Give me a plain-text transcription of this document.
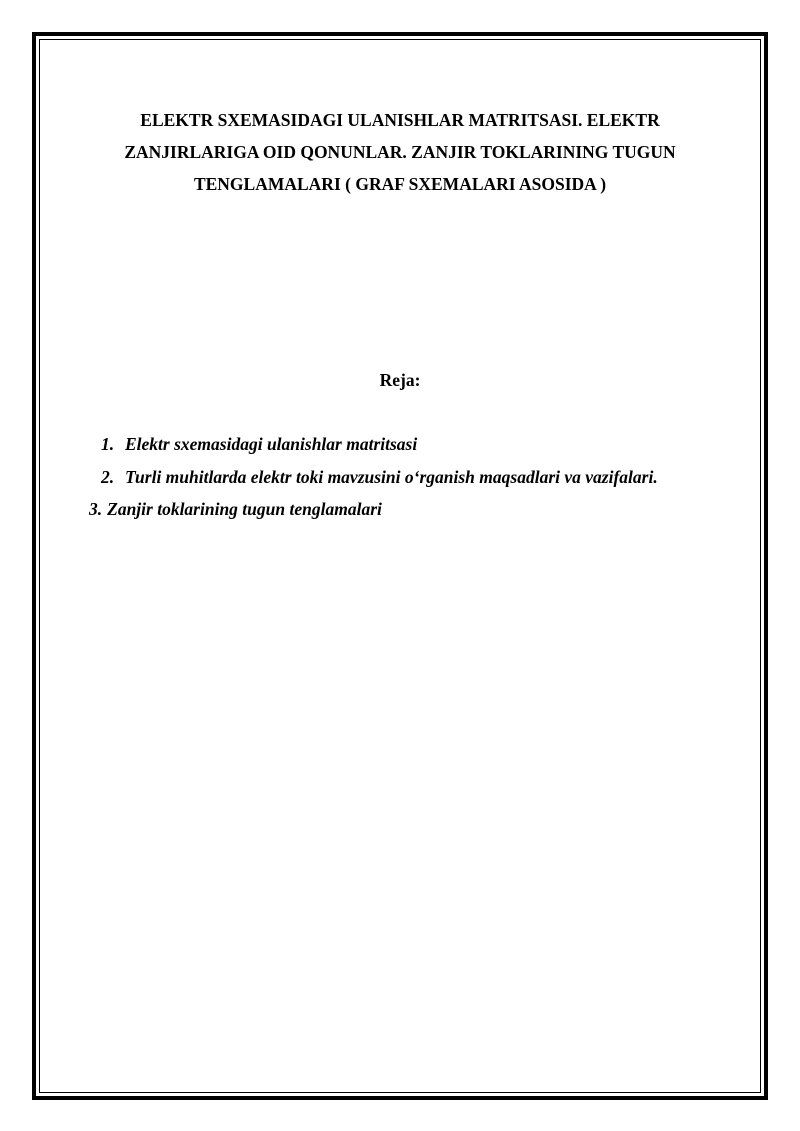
ELEKTR SXEMASIDAGI ULANISHLAR MATRITSASI. ELEKTR ZANJIRLARIGA OID QONUNLAR. ZANJIR TOKLARINING TUGUN TENGLAMALARI ( GRAF SXEMALARI ASOSIDA )

Reja:

1. Elektr sxemasidagi ulanishlar matritsasi

2. Turli muhitlarda elektr toki mavzusini o‘rganish maqsadlari va vazifalari.

3. Zanjir toklarining tugun tenglamalari
